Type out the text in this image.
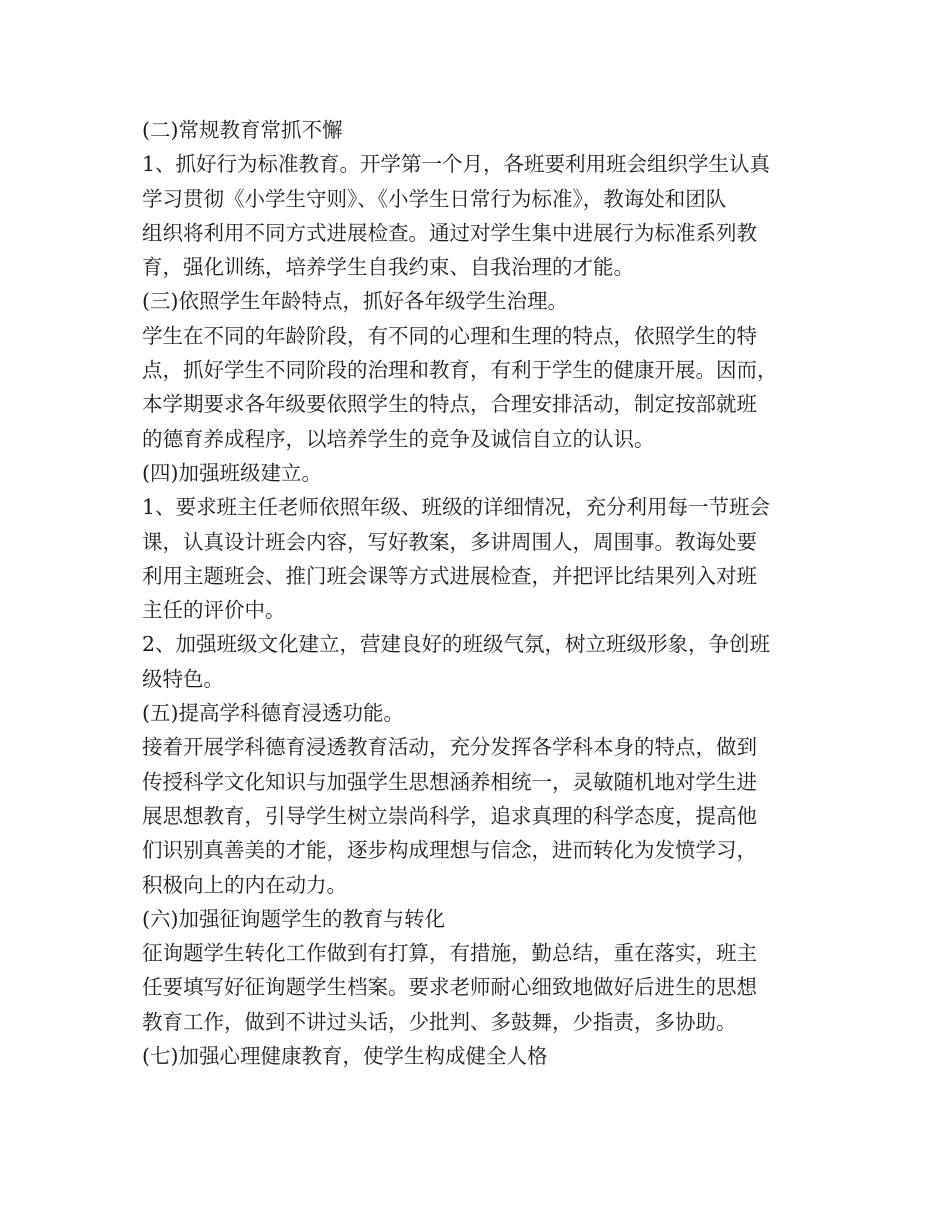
(二)常规教育常抓不懈
1、抓好行为标准教育。开学第一个月，各班要利用班会组织学生认真
学习贯彻《小学生守则》、《小学生日常行为标准》，教诲处和团队
组织将利用不同方式进展检查。通过对学生集中进展行为标准系列教
育，强化训练，培养学生自我约束、自我治理的才能。
(三)依照学生年龄特点，抓好各年级学生治理。
学生在不同的年龄阶段，有不同的心理和生理的特点，依照学生的特
点，抓好学生不同阶段的治理和教育，有利于学生的健康开展。因而，
本学期要求各年级要依照学生的特点，合理安排活动，制定按部就班
的德育养成程序，以培养学生的竞争及诚信自立的认识。
(四)加强班级建立。
1、要求班主任老师依照年级、班级的详细情况，充分利用每一节班会
课，认真设计班会内容，写好教案，多讲周围人，周围事。教诲处要
利用主题班会、推门班会课等方式进展检查，并把评比结果列入对班
主任的评价中。
2、加强班级文化建立，营建良好的班级气氛，树立班级形象，争创班
级特色。
(五)提高学科德育浸透功能。
接着开展学科德育浸透教育活动，充分发挥各学科本身的特点，做到
传授科学文化知识与加强学生思想涵养相统一，灵敏随机地对学生进
展思想教育，引导学生树立崇尚科学，追求真理的科学态度，提高他
们识别真善美的才能，逐步构成理想与信念，进而转化为发愤学习，
积极向上的内在动力。
(六)加强征询题学生的教育与转化
征询题学生转化工作做到有打算，有措施，勤总结，重在落实，班主
任要填写好征询题学生档案。要求老师耐心细致地做好后进生的思想
教育工作，做到不讲过头话，少批判、多鼓舞，少指责，多协助。
(七)加强心理健康教育，使学生构成健全人格
